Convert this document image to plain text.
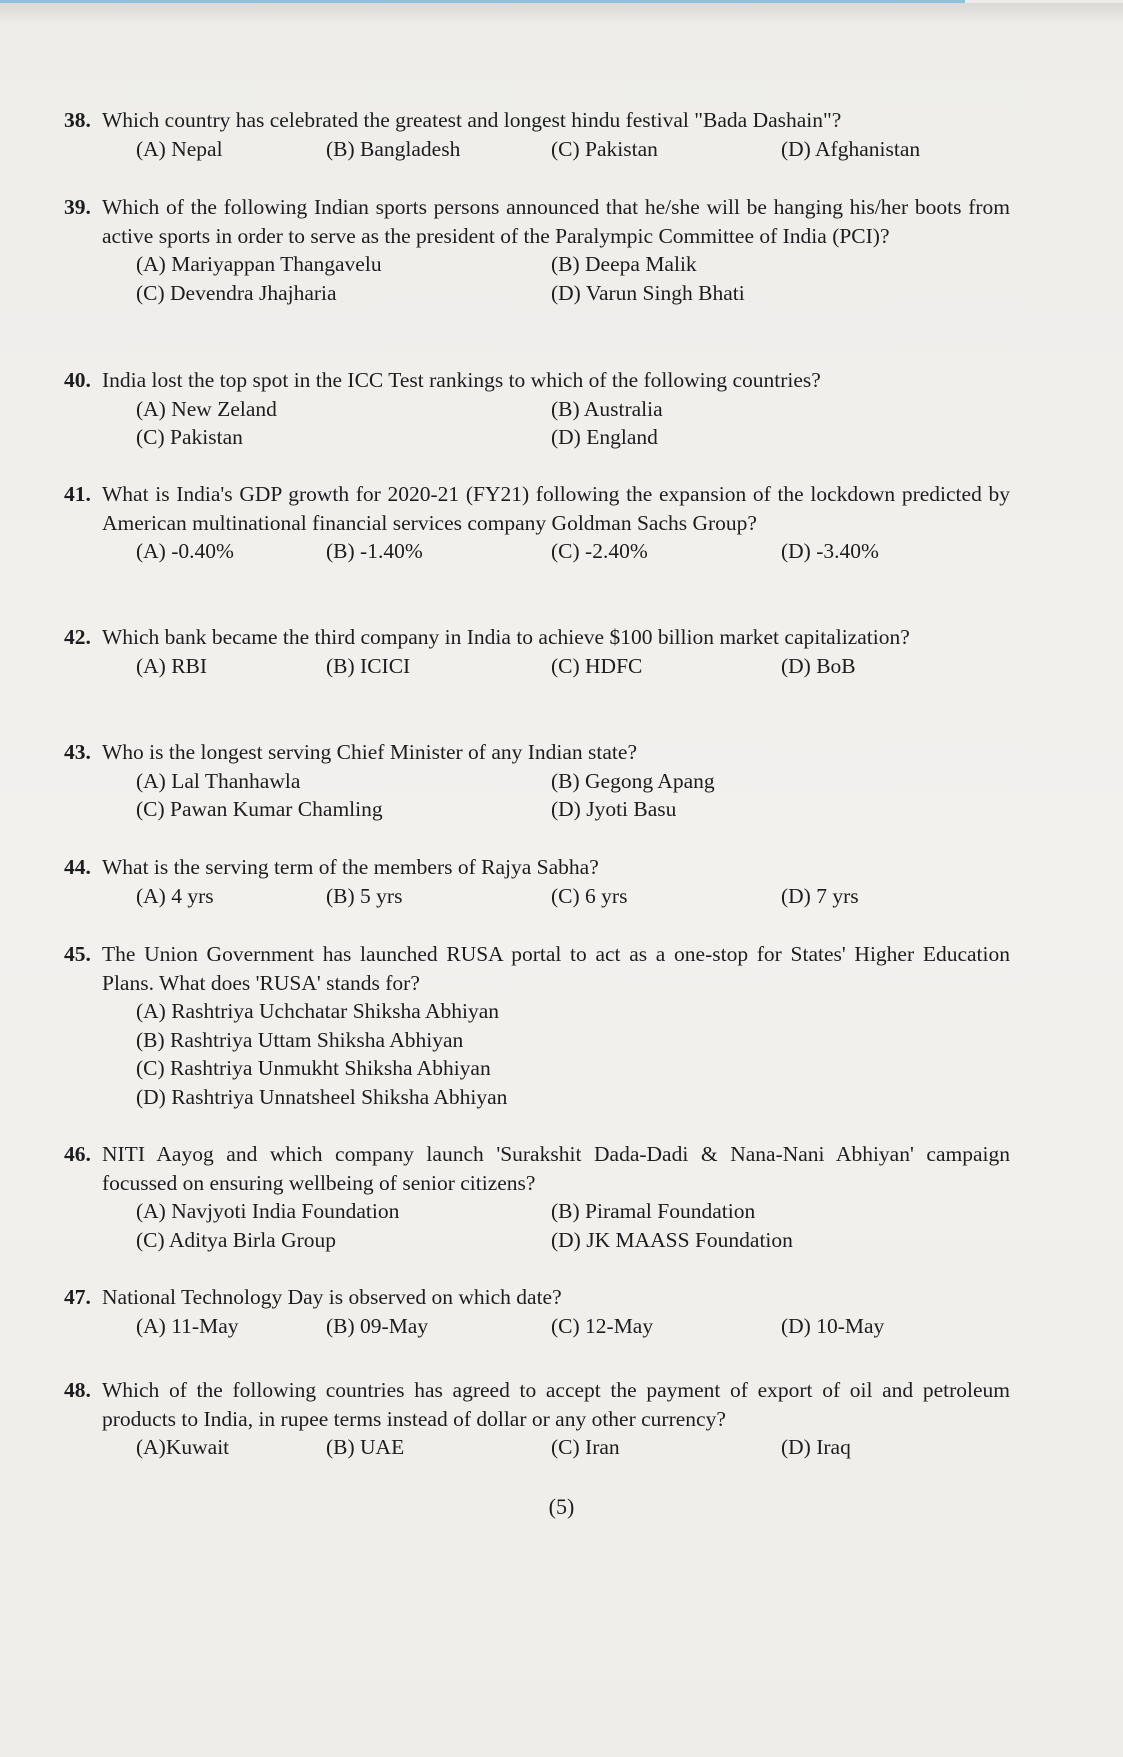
38. Which country has celebrated the greatest and longest hindu festival "Bada Dashain"?
(A) Nepal	(B) Bangladesh	(C) Pakistan	(D) Afghanistan
39. Which of the following Indian sports persons announced that he/she will be hanging his/her boots from active sports in order to serve as the president of the Paralympic Committee of India (PCI)?
(A) Mariyappan Thangavelu	(B) Deepa Malik
(C) Devendra Jhajharia	(D) Varun Singh Bhati
40. India lost the top spot in the ICC Test rankings to which of the following countries?
(A) New Zeland	(B) Australia
(C) Pakistan	(D) England
41. What is India's GDP growth for 2020-21 (FY21) following the expansion of the lockdown predicted by American multinational financial services company Goldman Sachs Group?
(A) -0.40%	(B) -1.40%	(C) -2.40%	(D) -3.40%
42. Which bank became the third company in India to achieve $100 billion market capitalization?
(A) RBI	(B) ICICI	(C) HDFC	(D) BoB
43. Who is the longest serving Chief Minister of any Indian state?
(A) Lal Thanhawla	(B) Gegong Apang
(C) Pawan Kumar Chamling	(D) Jyoti Basu
44. What is the serving term of the members of Rajya Sabha?
(A) 4 yrs	(B) 5 yrs	(C) 6 yrs	(D) 7 yrs
45. The Union Government has launched RUSA portal to act as a one-stop for States' Higher Education Plans. What does 'RUSA' stands for?
(A) Rashtriya Uchchatar Shiksha Abhiyan
(B) Rashtriya Uttam Shiksha Abhiyan
(C) Rashtriya Unmukht Shiksha Abhiyan
(D) Rashtriya Unnatsheel Shiksha Abhiyan
46. NITI Aayog and which company launch 'Surakshit Dada-Dadi & Nana-Nani Abhiyan' campaign focussed on ensuring wellbeing of senior citizens?
(A) Navjyoti India Foundation	(B) Piramal Foundation
(C) Aditya Birla Group	(D) JK MAASS Foundation
47. National Technology Day is observed on which date?
(A) 11-May	(B) 09-May	(C) 12-May	(D) 10-May
48. Which of the following countries has agreed to accept the payment of export of oil and petroleum products to India, in rupee terms instead of dollar or any other currency?
(A)Kuwait	(B) UAE	(C) Iran	(D) Iraq
(5)
